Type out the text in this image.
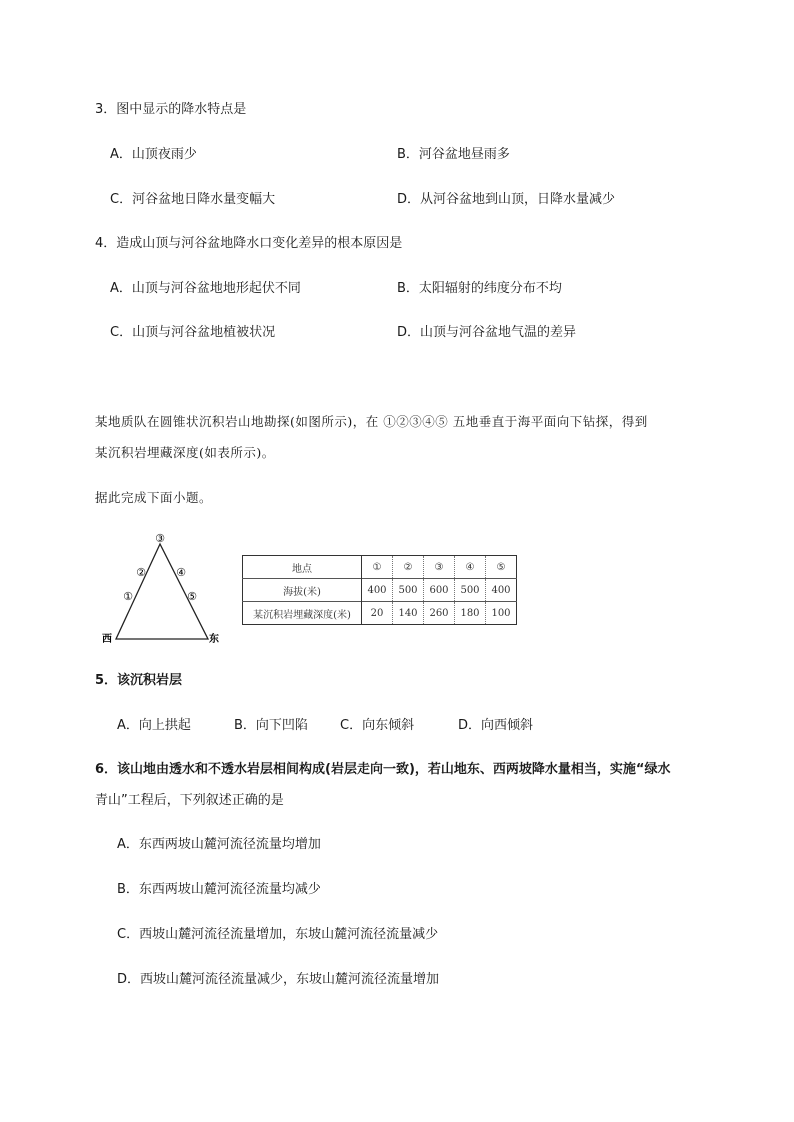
3．图中显示的降水特点是
A．山顶夜雨少	B．河谷盆地昼雨多
C．河谷盆地日降水量变幅大	D．从河谷盆地到山顶，日降水量减少
4．造成山顶与河谷盆地降水口变化差异的根本原因是
A．山顶与河谷盆地地形起伏不同	B．太阳辐射的纬度分布不均
C．山顶与河谷盆地植被状况	D．山顶与河谷盆地气温的差异
某地质队在圆锥状沉积岩山地勘探(如图所示)，在 ①②③④⑤ 五地垂直于海平面向下钻探，得到
某沉积岩埋藏深度(如表所示)。
据此完成下面小题。
③
②
①
④
⑤
西	东
地点	①	②	③	④	⑤
海拔(米)	400	500	600	500	400
某沉积岩埋藏深度(米)	20	140	260	180	100
5．该沉积岩层
A．向上拱起	B．向下凹陷 C．向东倾斜	D．向西倾斜
6．该山地由透水和不透水岩层相间构成(岩层走向一致)，若山地东、西两坡降水量相当，实施“绿水
青山”工程后，下列叙述正确的是
A．东西两坡山麓河流径流量均增加
B．东西两坡山麓河流径流量均减少
C．西坡山麓河流径流量增加，东坡山麓河流径流量减少
D．西坡山麓河流径流量减少，东坡山麓河流径流量增加
